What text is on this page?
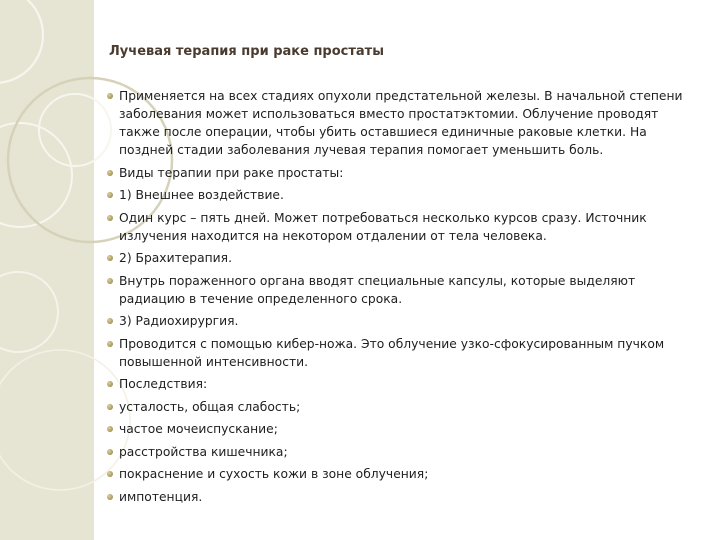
Лучевая терапия при раке простаты
Применяется на всех стадиях опухоли предстательной железы. В начальной степени заболевания может использоваться вместо простатэктомии. Облучение проводят также после операции, чтобы убить оставшиеся единичные раковые клетки. На поздней стадии заболевания лучевая терапия помогает уменьшить боль.
Виды терапии при раке простаты:
1) Внешнее воздействие.
Один курс – пять дней. Может потребоваться несколько курсов сразу. Источник излучения находится на некотором отдалении от тела человека.
2) Брахитерапия.
Внутрь пораженного органа вводят специальные капсулы, которые выделяют радиацию в течение определенного срока.
3) Радиохирургия.
Проводится с помощью кибер-ножа. Это облучение узко-сфокусированным пучком повышенной интенсивности.
Последствия:
усталость, общая слабость;
частое мочеиспускание;
расстройства кишечника;
покраснение и сухость кожи в зоне облучения;
импотенция.
